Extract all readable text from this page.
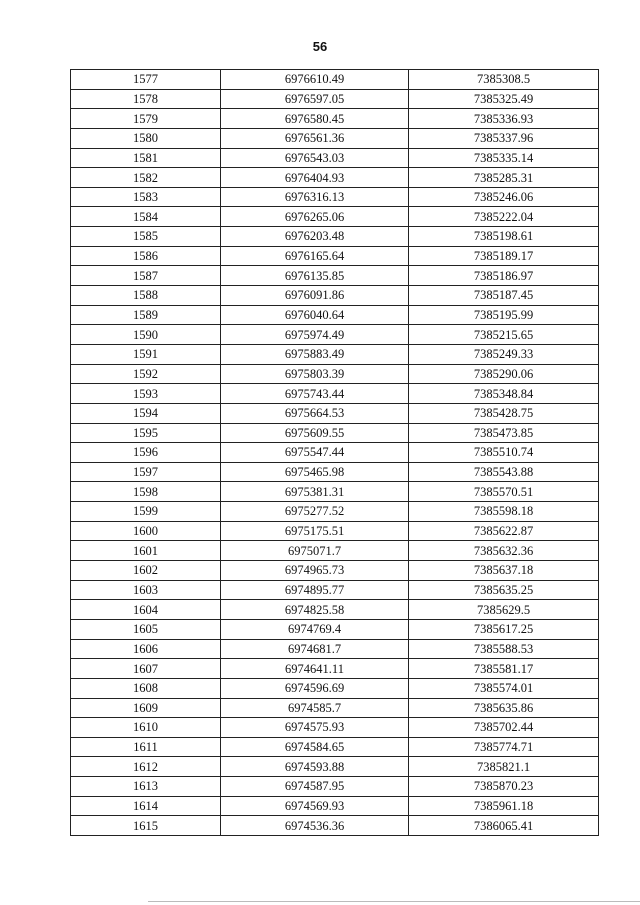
56
1577	6976610.49	7385308.5
1578	6976597.05	7385325.49
1579	6976580.45	7385336.93
1580	6976561.36	7385337.96
1581	6976543.03	7385335.14
1582	6976404.93	7385285.31
1583	6976316.13	7385246.06
1584	6976265.06	7385222.04
1585	6976203.48	7385198.61
1586	6976165.64	7385189.17
1587	6976135.85	7385186.97
1588	6976091.86	7385187.45
1589	6976040.64	7385195.99
1590	6975974.49	7385215.65
1591	6975883.49	7385249.33
1592	6975803.39	7385290.06
1593	6975743.44	7385348.84
1594	6975664.53	7385428.75
1595	6975609.55	7385473.85
1596	6975547.44	7385510.74
1597	6975465.98	7385543.88
1598	6975381.31	7385570.51
1599	6975277.52	7385598.18
1600	6975175.51	7385622.87
1601	6975071.7	7385632.36
1602	6974965.73	7385637.18
1603	6974895.77	7385635.25
1604	6974825.58	7385629.5
1605	6974769.4	7385617.25
1606	6974681.7	7385588.53
1607	6974641.11	7385581.17
1608	6974596.69	7385574.01
1609	6974585.7	7385635.86
1610	6974575.93	7385702.44
1611	6974584.65	7385774.71
1612	6974593.88	7385821.1
1613	6974587.95	7385870.23
1614	6974569.93	7385961.18
1615	6974536.36	7386065.41
